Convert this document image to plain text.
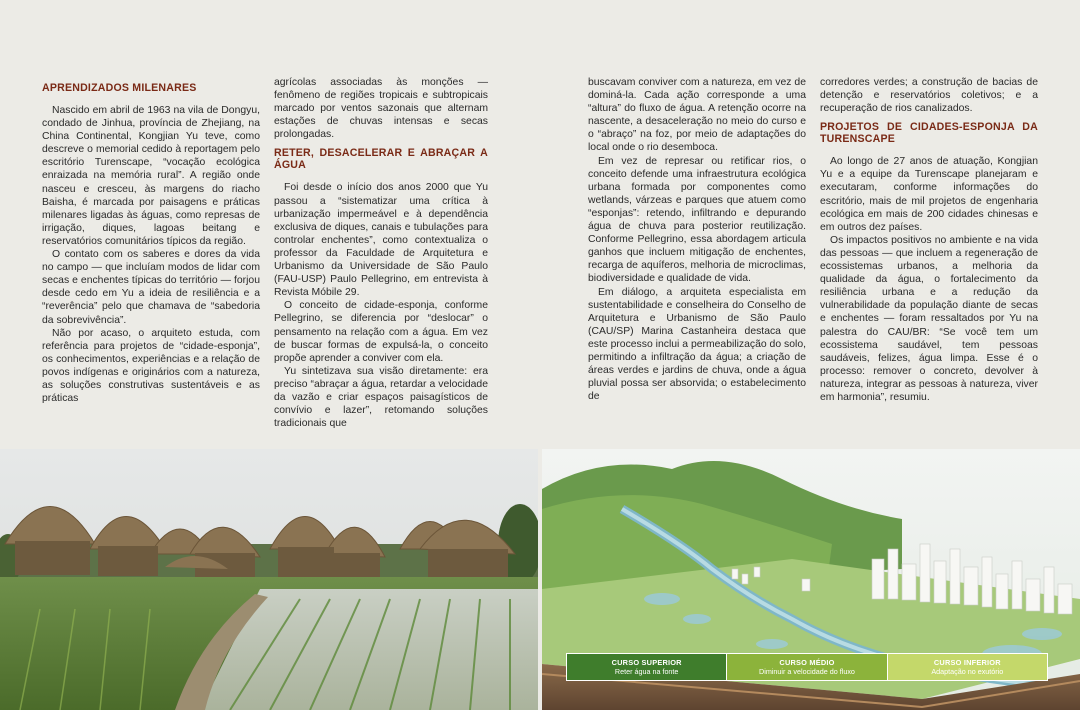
APRENDIZADOS MILENARES

Nascido em abril de 1963 na vila de Dongyu, condado de Jinhua, província de Zhejiang, na China Continental, Kongjian Yu teve, como descreve o memorial cedido à reportagem pelo escritório Turenscape, “vocação ecológica enraizada na memória rural”. A região onde nasceu e cresceu, às margens do riacho Baisha, é marcada por paisagens e práticas milenares ligadas às águas, como represas de irrigação, diques, lagoas beitang e reservatórios comunitários típicos da região.

O contato com os saberes e dores da vida no campo — que incluíam modos de lidar com secas e enchentes típicas do território — forjou desde cedo em Yu a ideia de resiliência e a “reverência” pelo que chamava de “sabedoria da sobrevivência”.

Não por acaso, o arquiteto estuda, com referência para projetos de “cidade-esponja”, os conhecimentos, experiências e a relação de povos indígenas e originários com a natureza, as soluções construtivas sustentáveis e as práticas

agrícolas associadas às monções — fenômeno de regiões tropicais e subtropicais marcado por ventos sazonais que alternam estações de chuvas intensas e secas prolongadas.

RETER, DESACELERAR E ABRAÇAR A ÁGUA

Foi desde o início dos anos 2000 que Yu passou a “sistematizar uma crítica à urbanização impermeável e à dependência exclusiva de diques, canais e tubulações para controlar enchentes”, como contextualiza o professor da Faculdade de Arquitetura e Urbanismo da Universidade de São Paulo (FAU-USP) Paulo Pellegrino, em entrevista à Revista Móbile 29.

O conceito de cidade-esponja, conforme Pellegrino, se diferencia por “deslocar” o pensamento na relação com a água. Em vez de buscar formas de expulsá-la, o conceito propõe aprender a conviver com ela.

Yu sintetizava sua visão diretamente: era preciso “abraçar a água, retardar a velocidade da vazão e criar espaços paisagísticos de convívio e lazer”, retomando soluções tradicionais que

buscavam conviver com a natureza, em vez de dominá-la. Cada ação corresponde a uma “altura” do fluxo de água. A retenção ocorre na nascente, a desaceleração no meio do curso e o “abraço” na foz, por meio de adaptações do local onde o rio desemboca.

Em vez de represar ou retificar rios, o conceito defende uma infraestrutura ecológica urbana formada por componentes como wetlands, várzeas e parques que atuem como “esponjas”: retendo, infiltrando e depurando água de chuva para posterior reutilização. Conforme Pellegrino, essa abordagem articula ganhos que incluem mitigação de enchentes, recarga de aquíferos, melhoria de microclimas, biodiversidade e qualidade de vida.

Em diálogo, a arquiteta especialista em sustentabilidade e conselheira do Conselho de Arquitetura e Urbanismo de São Paulo (CAU/SP) Marina Castanheira destaca que este processo inclui a permeabilização do solo, permitindo a infiltração da água; a criação de áreas verdes e jardins de chuva, onde a água pluvial possa ser absorvida; o estabelecimento de

corredores verdes; a construção de bacias de detenção e reservatórios coletivos; e a recuperação de rios canalizados.

PROJETOS DE CIDADES-ESPONJA DA TURENSCAPE

Ao longo de 27 anos de atuação, Kongjian Yu e a equipe da Turenscape planejaram e executaram, conforme informações do escritório, mais de mil projetos de engenharia ecológica em mais de 200 cidades chinesas e em outros dez países.

Os impactos positivos no ambiente e na vida das pessoas — que incluem a regeneração de ecossistemas urbanos, a melhoria da qualidade da água, o fortalecimento da resiliência urbana e a redução da vulnerabilidade da população diante de secas e enchentes — foram ressaltados por Yu na palestra do CAU/BR: “Se você tem um ecossistema saudável, tem pessoas saudáveis, felizes, água limpa. Esse é o processo: remover o concreto, devolver à natureza, integrar as pessoas à natureza, viver em harmonia”, resumiu.

CURSO SUPERIOR
Reter água na fonte
CURSO MÉDIO
Diminuir a velocidade do fluxo
CURSO INFERIOR
Adaptação no exutório
